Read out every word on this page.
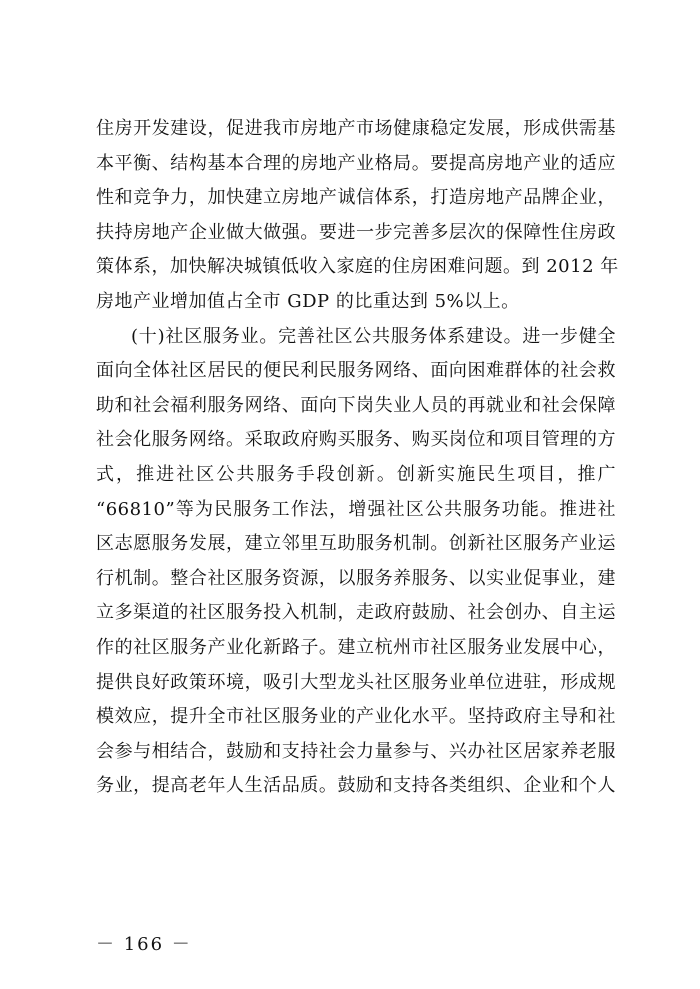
住房开发建设，促进我市房地产市场健康稳定发展，形成供需基
本平衡、结构基本合理的房地产业格局。要提高房地产业的适应
性和竞争力，加快建立房地产诚信体系，打造房地产品牌企业，
扶持房地产企业做大做强。要进一步完善多层次的保障性住房政
策体系，加快解决城镇低收入家庭的住房困难问题。到 2012 年
房地产业增加值占全市 GDP 的比重达到 5%以上。
(十)社区服务业。完善社区公共服务体系建设。进一步健全
面向全体社区居民的便民利民服务网络、面向困难群体的社会救
助和社会福利服务网络、面向下岗失业人员的再就业和社会保障
社会化服务网络。采取政府购买服务、购买岗位和项目管理的方
式，推进社区公共服务手段创新。创新实施民生项目，推广
“66810”等为民服务工作法，增强社区公共服务功能。推进社
区志愿服务发展，建立邻里互助服务机制。创新社区服务产业运
行机制。整合社区服务资源，以服务养服务、以实业促事业，建
立多渠道的社区服务投入机制，走政府鼓励、社会创办、自主运
作的社区服务产业化新路子。建立杭州市社区服务业发展中心，
提供良好政策环境，吸引大型龙头社区服务业单位进驻，形成规
模效应，提升全市社区服务业的产业化水平。坚持政府主导和社
会参与相结合，鼓励和支持社会力量参与、兴办社区居家养老服
务业，提高老年人生活品质。鼓励和支持各类组织、企业和个人
－ 166 －
